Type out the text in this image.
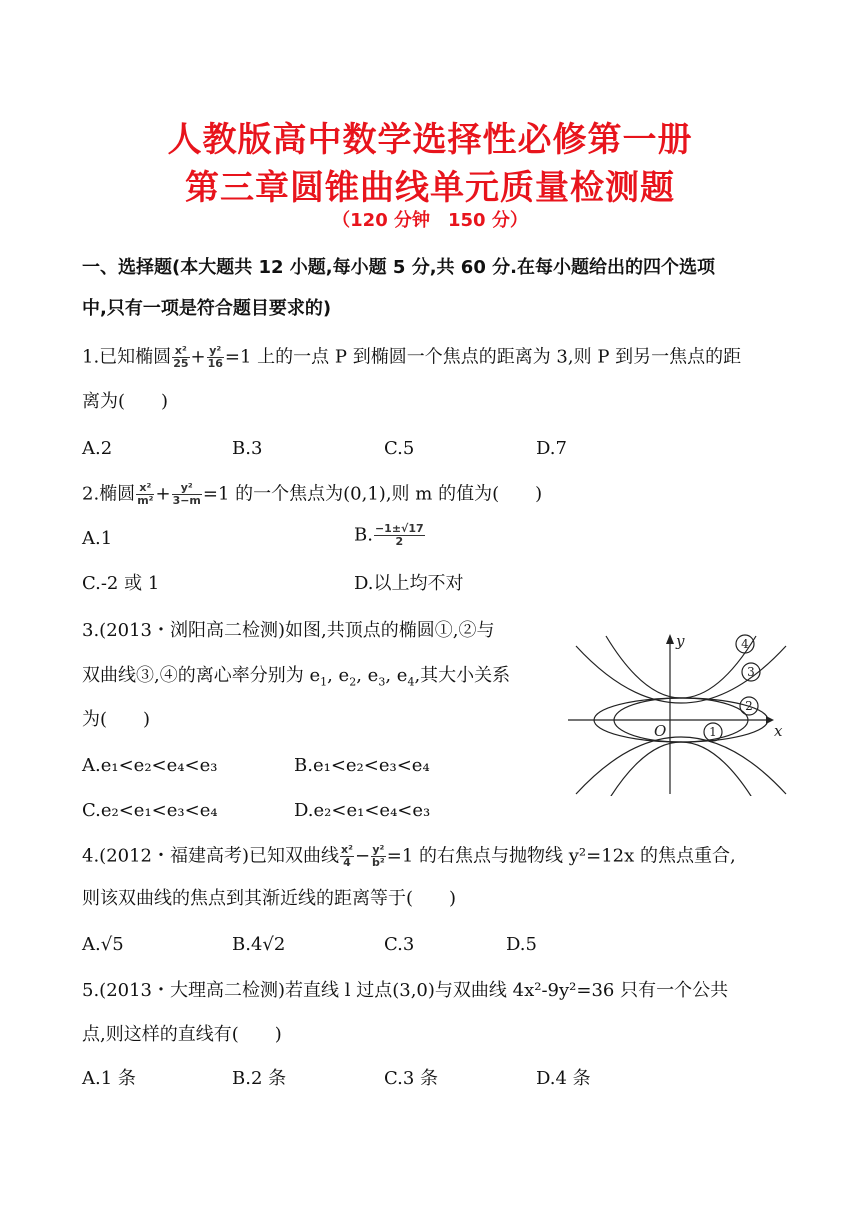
人教版高中数学选择性必修第一册
第三章圆锥曲线单元质量检测题
（120 分钟　150 分）
一、选择题(本大题共 12 小题,每小题 5 分,共 60 分.在每小题给出的四个选项
中,只有一项是符合题目要求的)
1.已知椭圆 $\frac{\text{x²}}{25} + \frac{\text{y²}}{16} =1$ 上的一点 P 到椭圆一个焦点的距离为 3,则 P 到另一焦点的距
离为(　　)
A.2	B.3	C.5	D.7
2.椭圆 $\frac{\text{x²}}{\text{m²}} + \frac{\text{y²}}{3-m} =1$ 的一个焦点为(0,1),则 m 的值为(　　)
A.1	B. $\frac{-1\pm√17}{2}$
C.-2 或 1	D.以上均不对
3.(2013・浏阳高二检测)如图,共顶点的椭圆①,②与
双曲线③,④的离心率分别为 $e_1$, $e_2$, $e_3$, $e_4$,其大小关系
为(　　)
A.e₁<e₂<e₄<e₃	B.e₁<e₂<e₃<e₄
C.e₂<e₁<e₃<e₄	D.e₂<e₁<e₄<e₃
4
3
2
1	x
y
O
4.(2012・福建高考)已知双曲线 $\frac{\text{x²}}{4} - \frac{\text{y²}}{\text{b²}} =1$ 的右焦点与抛物线 y²=12x 的焦点重合,
则该双曲线的焦点到其渐近线的距离等于(　　)
A.√5	B.4√2	C.3	D.5
5.(2013・大理高二检测)若直线 l 过点(3,0)与双曲线 4x²-9y²=36 只有一个公共
点,则这样的直线有(　　)
A.1 条	B.2 条	C.3 条	D.4 条
